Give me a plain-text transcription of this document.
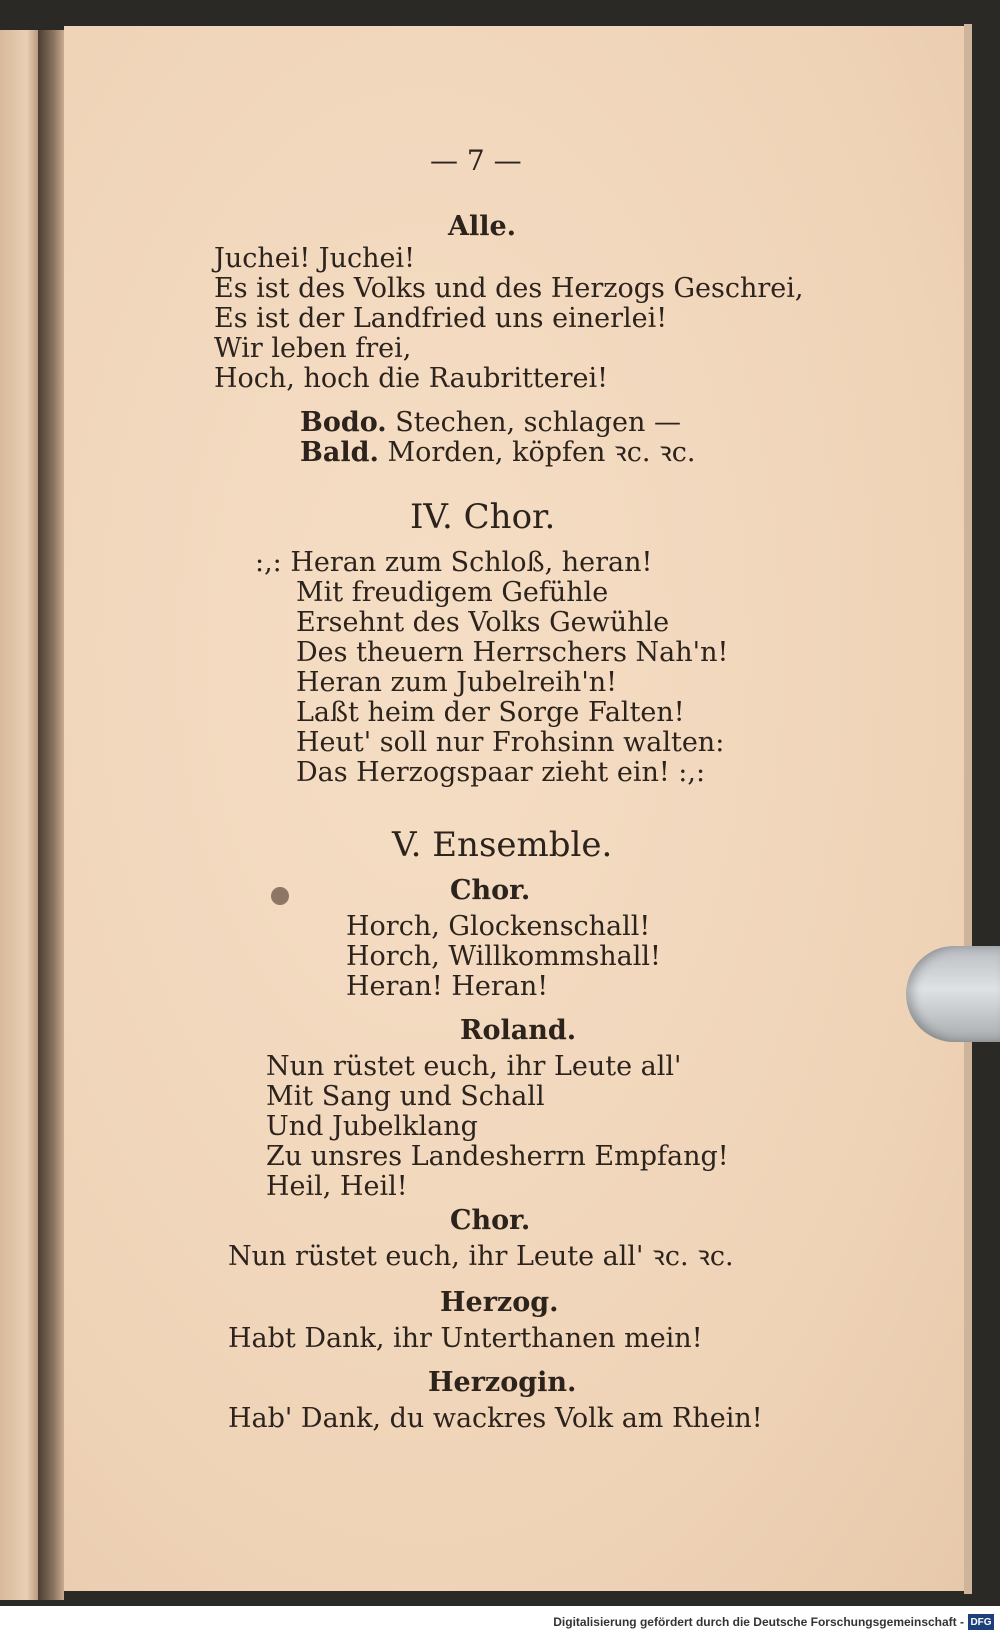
— 7 —

Alle.

Juchei! Juchei!

Es ist des Volks und des Herzogs Geschrei,

Es ist der Landfried uns einerlei!

Wir leben frei,

Hoch, hoch die Raubritterei!

Bodo. Stechen, schlagen —

Bald. Morden, köpfen ꝛc. ꝛc.

IV. Chor.

:,: Heran zum Schloß, heran!

Mit freudigem Gefühle

Ersehnt des Volks Gewühle

Des theuern Herrschers Nah'n!

Heran zum Jubelreih'n!

Laßt heim der Sorge Falten!

Heut' soll nur Frohsinn walten:

Das Herzogspaar zieht ein! :,:

V. Ensemble.

Chor.

Horch, Glockenschall!

Horch, Willkommshall!

Heran! Heran!

Roland.

Nun rüstet euch, ihr Leute all'

Mit Sang und Schall

Und Jubelklang

Zu unsres Landesherrn Empfang!

Heil, Heil!

Chor.

Nun rüstet euch, ihr Leute all' ꝛc. ꝛc.

Herzog.

Habt Dank, ihr Unterthanen mein!

Herzogin.

Hab' Dank, du wackres Volk am Rhein!

Digitalisierung gefördert durch die Deutsche Forschungsgemeinschaft - DFG
